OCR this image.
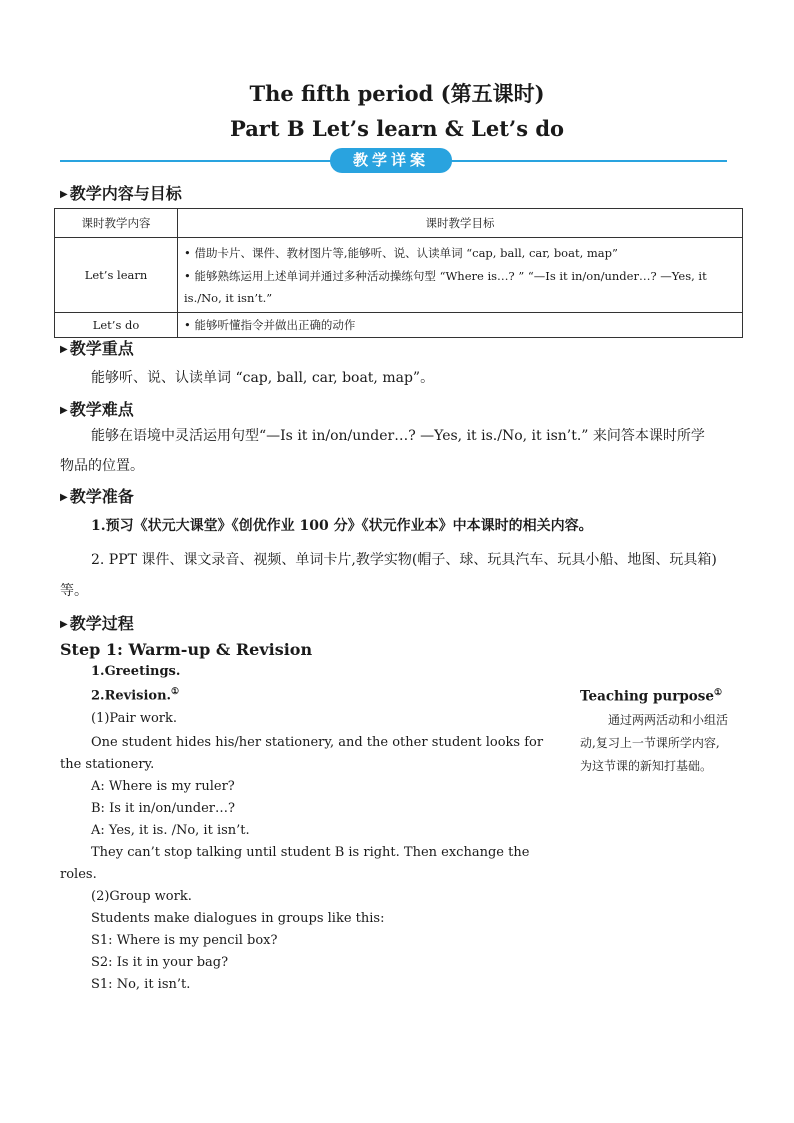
The fifth period (第五课时)
Part B Let’s learn & Let’s do
教学详案
▶ 教学内容与目标
课时教学内容	课时教学目标
Let’s learn	• 借助卡片、课件、教材图片等,能够听、说、认读单词 “cap, ball, car, boat, map”
• 能够熟练运用上述单词并通过多种活动操练句型 “Where is…? ” “—Is it in/on/under…? —Yes, it is./No, it isn’t.”

Let’s do	• 能够听懂指令并做出正确的动作
▶ 教学重点
能够听、说、认读单词 “cap, ball, car, boat, map”。
▶ 教学难点
能够在语境中灵活运用句型“—Is it in/on/under…? —Yes, it is./No, it isn’t.” 来问答本课时所学
物品的位置。
▶ 教学准备
1.预习《状元大课堂》《创优作业 100 分》《状元作业本》中本课时的相关内容。
2. PPT 课件、课文录音、视频、单词卡片,教学实物(帽子、球、玩具汽车、玩具小船、地图、玩具箱)
等。
▶ 教学过程
Step 1: Warm-up & Revision
1.Greetings.
2.Revision.①
(1)Pair work.
One student hides his/her stationery, and the other student looks for
the stationery.
A: Where is my ruler?
B: Is it in/on/under…?
A: Yes, it is. /No, it isn’t.
They can’t stop talking until student B is right. Then exchange the
roles.
(2)Group work.
Students make dialogues in groups like this:
S1: Where is my pencil box?
S2: Is it in your bag?
S1: No, it isn’t.
Teaching purpose①
通过两两活动和小组活
动,复习上一节课所学内容,
为这节课的新知打基础。
